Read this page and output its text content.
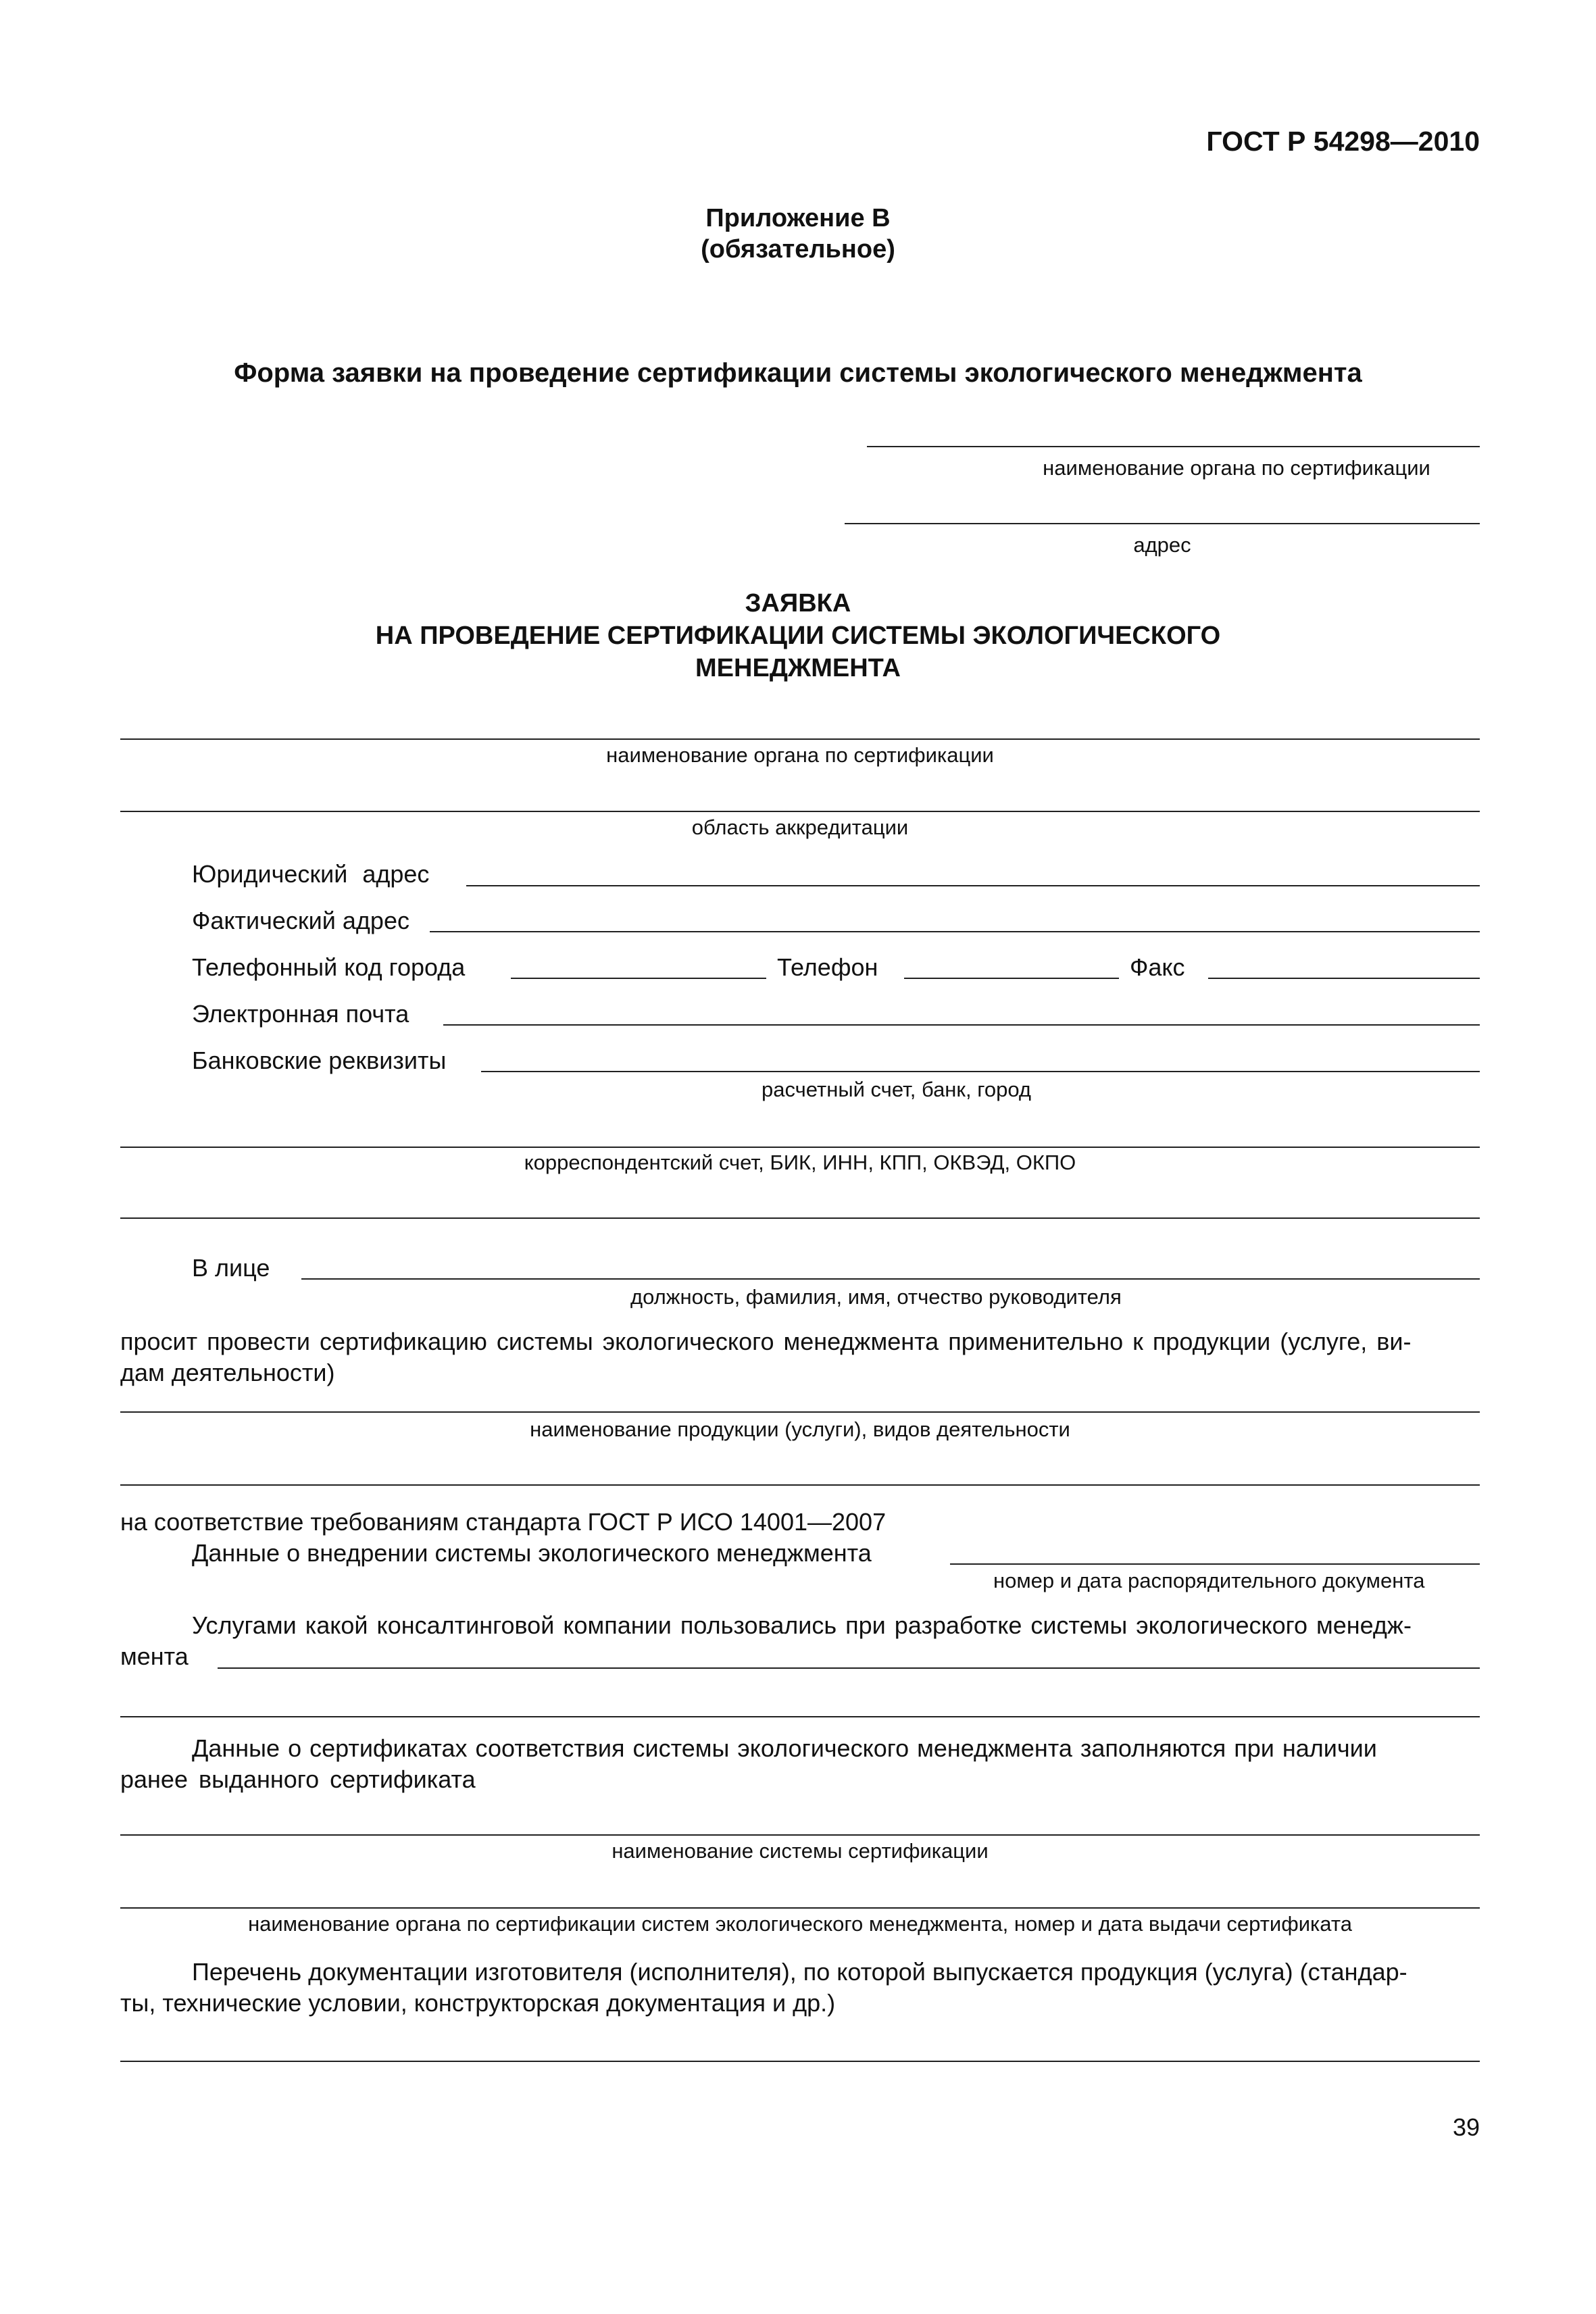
ГОСТ Р 54298—2010
Приложение В
(обязательное)
Форма заявки на проведение сертификации системы экологического менеджмента
наименование органа по сертификации
адрес
ЗАЯВКА
НА ПРОВЕДЕНИЕ СЕРТИФИКАЦИИ СИСТЕМЫ ЭКОЛОГИЧЕСКОГО
МЕНЕДЖМЕНТА
наименование органа по сертификации
область аккредитации
Юридический адрес
Фактический адрес
Телефонный код города	Телефон	Факс
Электронная почта
Банковские реквизиты
расчетный счет, банк, город
корреспондентский счет, БИК, ИНН, КПП, ОКВЭД, ОКПО
В лице
должность, фамилия, имя, отчество руководителя
просит провести сертификацию системы экологического менеджмента применительно к продукции (услуге, ви-
дам деятельности)
наименование продукции (услуги), видов деятельности
на соответствие требованиям стандарта ГОСТ Р ИСО 14001—2007
Данные о внедрении системы экологического менеджмента
номер и дата распорядительного документа
Услугами какой консалтинговой компании пользовались при разработке системы экологического менедж-
мента
Данные о сертификатах соответствия системы экологического менеджмента заполняются при наличии
ранее выданного сертификата
наименование системы сертификации
наименование органа по сертификации систем экологического менеджмента, номер и дата выдачи сертификата
Перечень документации изготовителя (исполнителя), по которой выпускается продукция (услуга) (стандар-
ты, технические условии, конструкторская документация и др.)
39
